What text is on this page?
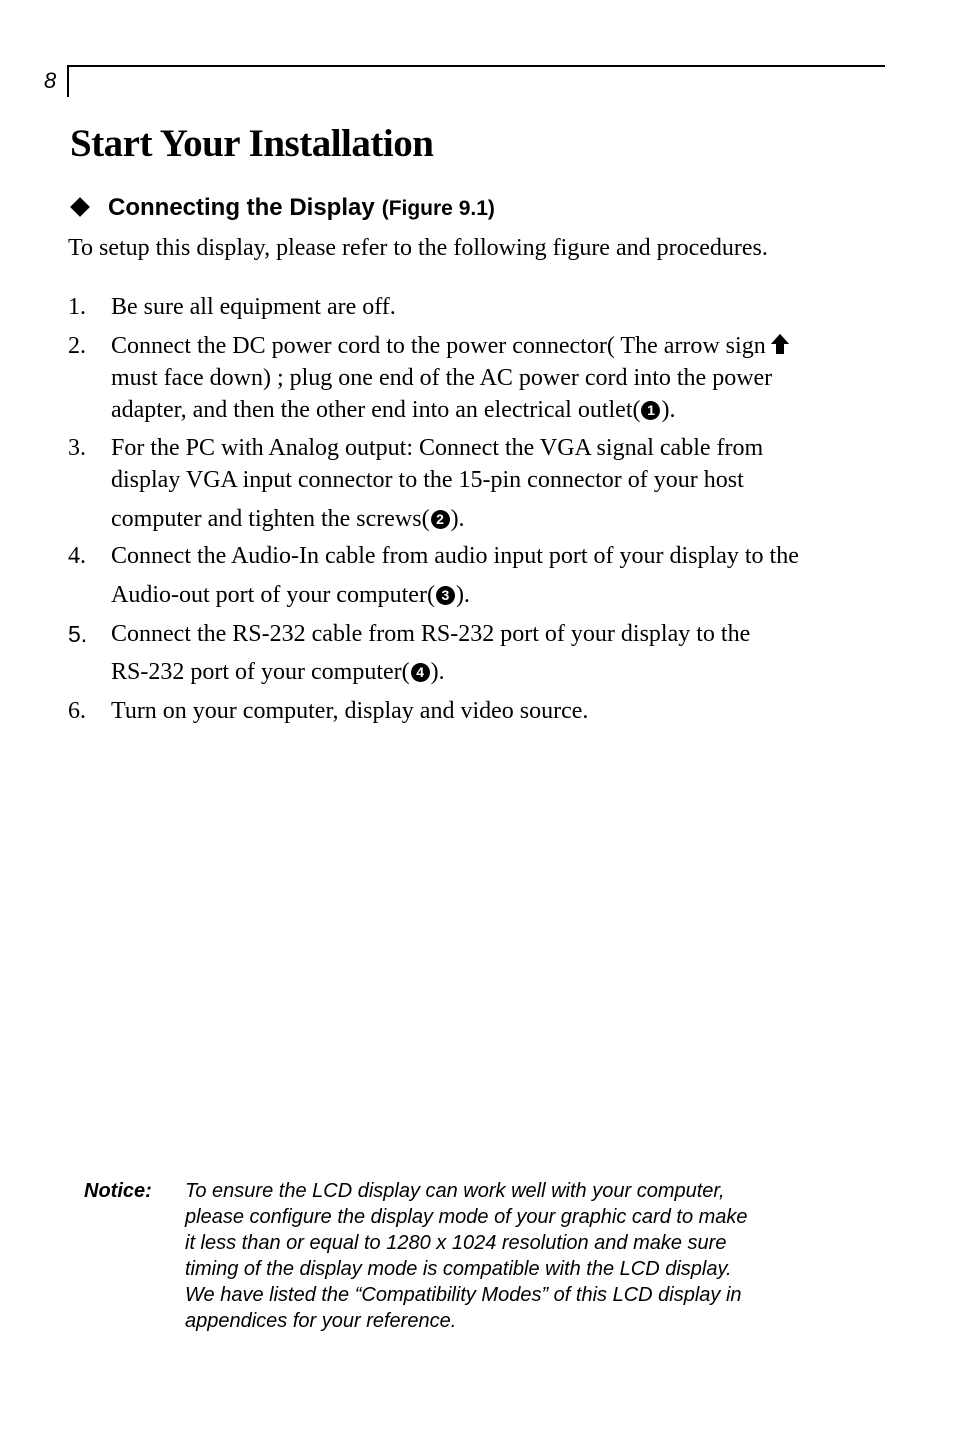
8
Start Your Installation
Connecting the Display (Figure 9.1)

To setup this display, please refer to the following figure and procedures.

1. Be sure all equipment are off.
2. Connect the DC power cord to the power connector( The arrow sign
must face down) ; plug one end of the AC power cord into the power
adapter, and then the other end into an electrical outlet( 1 ).
3. For the PC with Analog output: Connect the VGA signal cable from
display VGA input connector to the 15-pin connector of your host
computer and tighten the screws( 2 ).
4. Connect the Audio-In cable from audio input port of your display to the
Audio-out port of your computer( 3 ).
5. Connect the RS-232 cable from RS-232 port of your display to the
RS-232 port of your computer( 4 ).
6. Turn on your computer, display and video source.
Notice: To ensure the LCD display can work well with your computer,
please configure the display mode of your graphic card to make
it less than or equal to 1280 x 1024 resolution and make sure
timing of the display mode is compatible with the LCD display.
We have listed the “Compatibility Modes” of this LCD display in
appendices for your reference.
